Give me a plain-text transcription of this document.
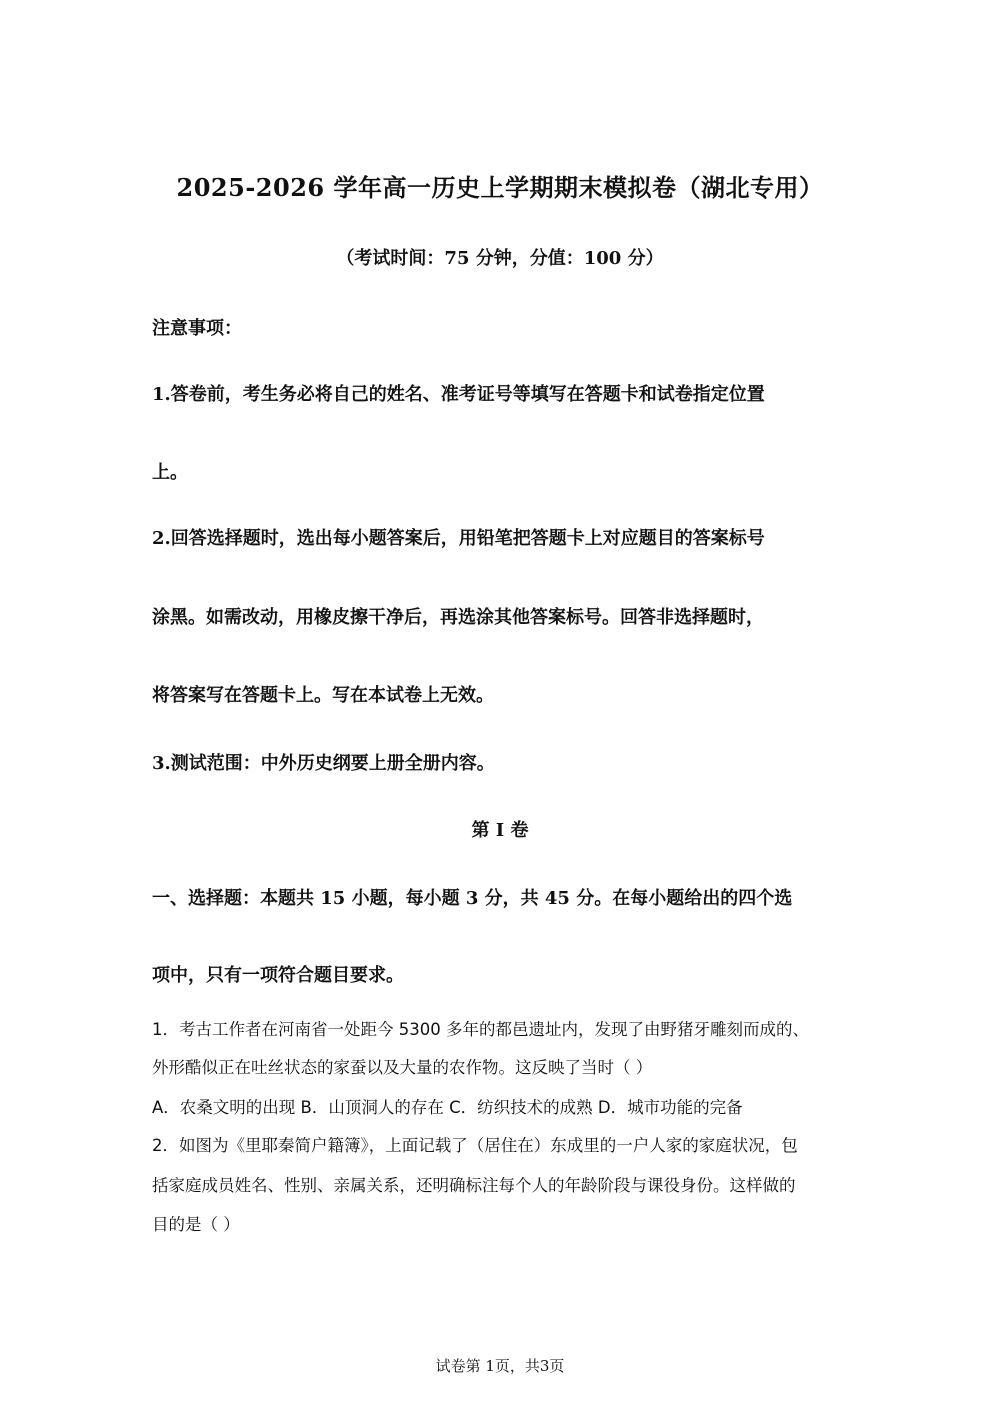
2025-2026 学年高一历史上学期期末模拟卷（湖北专用）
（考试时间：75 分钟，分值：100 分）
注意事项：
1.答卷前，考生务必将自己的姓名、准考证号等填写在答题卡和试卷指定位置
上。
2.回答选择题时，选出每小题答案后，用铅笔把答题卡上对应题目的答案标号
涂黑。如需改动，用橡皮擦干净后，再选涂其他答案标号。回答非选择题时，
将答案写在答题卡上。写在本试卷上无效。
3.测试范围：中外历史纲要上册全册内容。
第 I 卷
一、选择题：本题共 15 小题，每小题 3 分，共 45 分。在每小题给出的四个选
项中，只有一项符合题目要求。
1．考古工作者在河南省一处距今 5300 多年的都邑遗址内，发现了由野猪牙雕刻而成的、
外形酷似正在吐丝状态的家蚕以及大量的农作物。这反映了当时（ ）
A．农桑文明的出现 B．山顶洞人的存在 C．纺织技术的成熟 D．城市功能的完备
2．如图为《里耶秦简户籍簿》，上面记载了（居住在）东成里的一户人家的家庭状况，包
括家庭成员姓名、性别、亲属关系，还明确标注每个人的年龄阶段与课役身份。这样做的
目的是（ ）
试卷第 1页，共3页
